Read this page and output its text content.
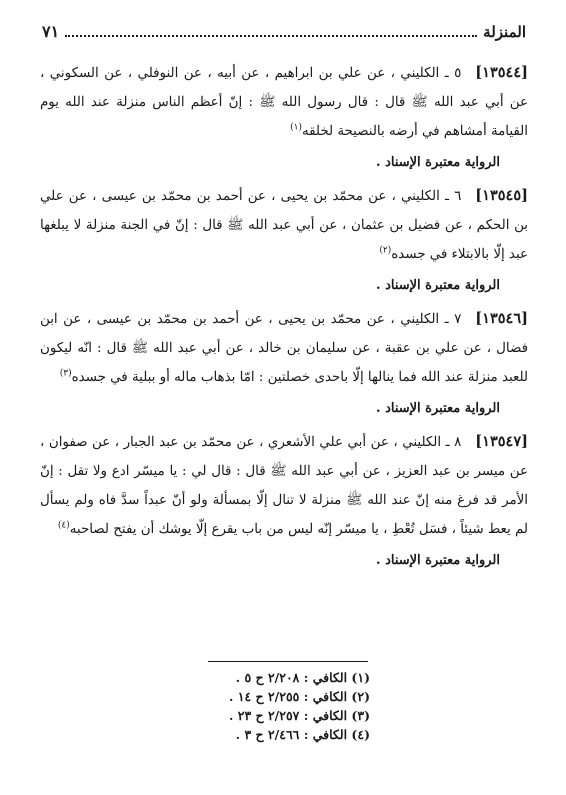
المنزلة
٧١

[١٣٥٤٤]٥ ـ الكليني ، عن علي بن ابراهيم ، عن أبيه ، عن النوفلي ، عن السكوني ، عن أبي عبد الله ﷺ قال : قال رسول الله ﷺ : إنّ أعظم الناس منزلة عند الله يوم القيامة أمشاهم في أرضه بالنصيحة لخلقه$^{(١)}$

الرواية معتبرة الإسناد .

[١٣٥٤٥]٦ ـ الكليني ، عن محمّد بن يحيى ، عن أحمد بن محمّد بن عيسى ، عن علي بن الحكم ، عن فضيل بن عثمان ، عن أبي عبد الله ﷺ قال : إنّ في الجنة منزلة لا يبلغها عبد إلّا بالابتلاء في جسده$^{(٢)}$

الرواية معتبرة الإسناد .

[١٣٥٤٦]٧ ـ الكليني ، عن محمّد بن يحيى ، عن أحمد بن محمّد بن عيسى ، عن ابن فضال ، عن علي بن عقبة ، عن سليمان بن خالد ، عن أبي عبد الله ﷺ قال : انّه ليكون للعبد منزلة عند الله فما ينالها إلّا باحدى خصلتين : امّا بذهاب ماله أو ببلية في جسده$^{(٣)}$

الرواية معتبرة الإسناد .

[١٣٥٤٧]٨ ـ الكليني ، عن أبي علي الأشعري ، عن محمّد بن عبد الجبار ، عن صفوان ، عن ميسر بن عبد العزيز ، عن أبي عبد الله ﷺ قال : قال لي : يا ميسّر ادع ولا تقل : إنّ الأمر قد فرغ منه إنّ عند الله ﷺ منزلة لا تنال إلّا بمسألة ولو أنّ عبداً سدَّ فاه ولم يسأل لم يعط شيئاً ، فسَل تُعْطِ ، يا ميسّر إنّه ليس من باب يقرع إلّا يوشك أن يفتح لصاحبه$^{(٤)}$

الرواية معتبرة الإسناد .
(١) الكافي : ٢/٢٠٨ ح ٥ .
(٢) الكافي : ٢/٢٥٥ ح ١٤ .
(٣) الكافي : ٢/٢٥٧ ح ٢٣ .
(٤) الكافي : ٢/٤٦٦ ح ٣ .
